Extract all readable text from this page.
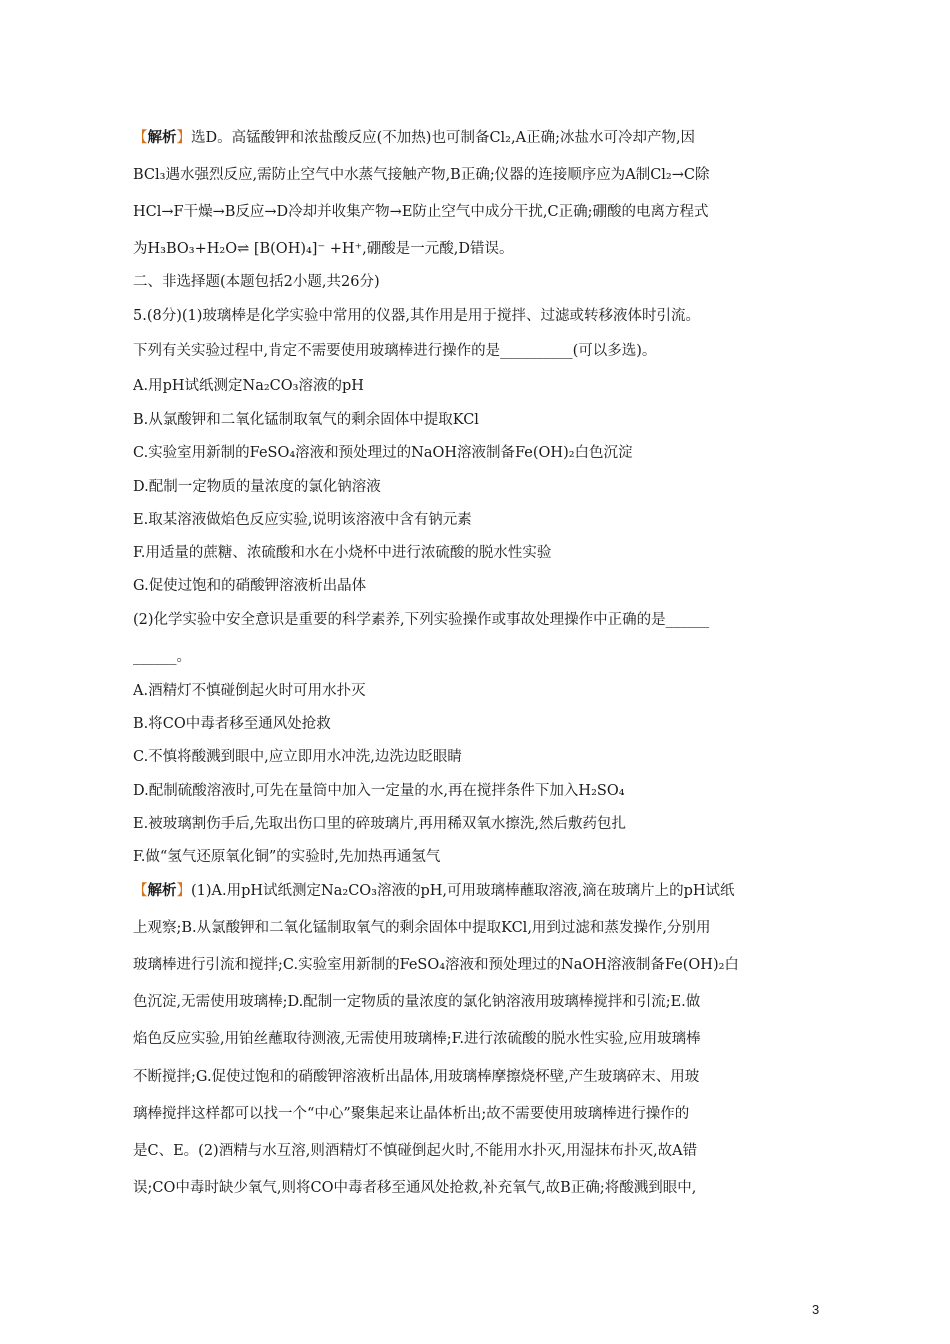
【解析】选D。高锰酸钾和浓盐酸反应(不加热)也可制备Cl₂,A正确;冰盐水可冷却产物,因
BCl₃遇水强烈反应,需防止空气中水蒸气接触产物,B正确;仪器的连接顺序应为A制Cl₂→C除
HCl→F干燥→B反应→D冷却并收集产物→E防止空气中成分干扰,C正确;硼酸的电离方程式
为H₃BO₃+H₂O⇌ [B(OH)₄]⁻ +H⁺,硼酸是一元酸,D错误。
二、非选择题(本题包括2小题,共26分)
5.(8分)(1)玻璃棒是化学实验中常用的仪器,其作用是用于搅拌、过滤或转移液体时引流。
下列有关实验过程中,肯定不需要使用玻璃棒进行操作的是__________(可以多选)。
A.用pH试纸测定Na₂CO₃溶液的pH
B.从氯酸钾和二氧化锰制取氧气的剩余固体中提取KCl
C.实验室用新制的FeSO₄溶液和预处理过的NaOH溶液制备Fe(OH)₂白色沉淀
D.配制一定物质的量浓度的氯化钠溶液
E.取某溶液做焰色反应实验,说明该溶液中含有钠元素
F.用适量的蔗糖、浓硫酸和水在小烧杯中进行浓硫酸的脱水性实验
G.促使过饱和的硝酸钾溶液析出晶体
(2)化学实验中安全意识是重要的科学素养,下列实验操作或事故处理操作中正确的是______
______。
A.酒精灯不慎碰倒起火时可用水扑灭
B.将CO中毒者移至通风处抢救
C.不慎将酸溅到眼中,应立即用水冲洗,边洗边眨眼睛
D.配制硫酸溶液时,可先在量筒中加入一定量的水,再在搅拌条件下加入H₂SO₄
E.被玻璃割伤手后,先取出伤口里的碎玻璃片,再用稀双氧水擦洗,然后敷药包扎
F.做“氢气还原氧化铜”的实验时,先加热再通氢气
【解析】(1)A.用pH试纸测定Na₂CO₃溶液的pH,可用玻璃棒蘸取溶液,滴在玻璃片上的pH试纸
上观察;B.从氯酸钾和二氧化锰制取氧气的剩余固体中提取KCl,用到过滤和蒸发操作,分别用
玻璃棒进行引流和搅拌;C.实验室用新制的FeSO₄溶液和预处理过的NaOH溶液制备Fe(OH)₂白
色沉淀,无需使用玻璃棒;D.配制一定物质的量浓度的氯化钠溶液用玻璃棒搅拌和引流;E.做
焰色反应实验,用铂丝蘸取待测液,无需使用玻璃棒;F.进行浓硫酸的脱水性实验,应用玻璃棒
不断搅拌;G.促使过饱和的硝酸钾溶液析出晶体,用玻璃棒摩擦烧杯壁,产生玻璃碎末、用玻
璃棒搅拌这样都可以找一个“中心”聚集起来让晶体析出;故不需要使用玻璃棒进行操作的
是C、E。(2)酒精与水互溶,则酒精灯不慎碰倒起火时,不能用水扑灭,用湿抹布扑灭,故A错
误;CO中毒时缺少氧气,则将CO中毒者移至通风处抢救,补充氧气,故B正确;将酸溅到眼中,
3
